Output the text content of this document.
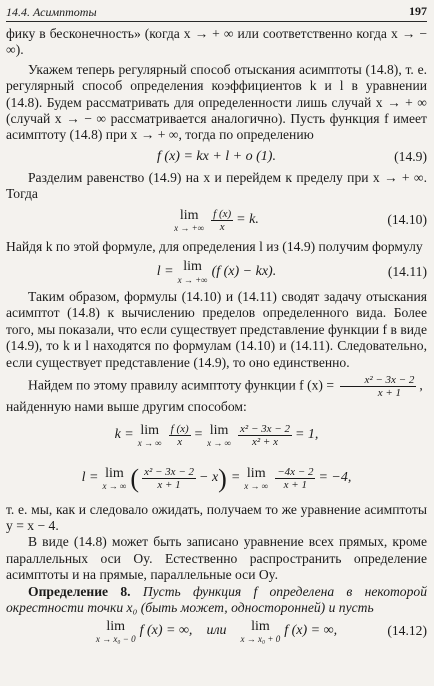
14.4. Асимптоты	197

фику в бесконечность» (когда x → + ∞ или соответственно когда x → − ∞).

Укажем теперь регулярный способ отыскания асимптоты (14.8), т. е. регулярный способ определения коэффициентов k и l в уравнении (14.8). Будем рассматривать для определенности лишь случай x → + ∞ (случай x → − ∞ рассматривается аналогично). Пусть функция f имеет асимптоту (14.8) при x → + ∞, тогда по определению

f (x) = kx + l + o (1).	(14.9)

Разделим равенство (14.9) на x и перейдем к пределу при x → + ∞. Тогда

lim
x → +∞ $\frac{f (x)}{x} = k$.	(14.10)

Найдя k по этой формуле, для определения l из (14.9) получим формулу

l = lim
x → +∞
(f (x) − kx).	(14.11)

Таким образом, формулы (14.10) и (14.11) сводят задачу отыскания асимптот (14.8) к вычислению пределов определенного вида. Более того, мы показали, что если существует представление функции f в виде (14.9), то k и l находятся по формулам (14.10) и (14.11). Следовательно, если существует представление (14.9), то оно единственно.

Найдем по этому правилу асимптоту функции f $(x) = \frac{\text{x² − 3x − 2}}{x + 1}$ ,

найденную нами выше другим способом:

k = lim
x → ∞ $\frac{f (x)}{x} = \lim$
x → ∞ $\frac{\text{x² − 3x − 2}}{\text{x² + x}} = 1$,
l = lim
x → ∞ ( $\frac{\text{x² − 3x − 2}}{x + 1} - x$ ) = lim
x → ∞ $\frac{-4x - 2}{x + 1} = -4$,

т. е. мы, как и следовало ожидать, получаем то же уравнение асимптоты y = x − 4.

В виде (14.8) может быть записано уравнение всех прямых, кроме параллельных оси Oy. Естественно распространить определение асимптоты и на прямые, параллельные оси Oy.

Определение 8. Пусть функция f определена в некоторой окрестности точки x₀ (быть может, односторонней) и пусть

lim
x → x₀ − 0
f (x) = ∞, или lim
x → x₀ + 0
f (x) = ∞,	(14.12)
